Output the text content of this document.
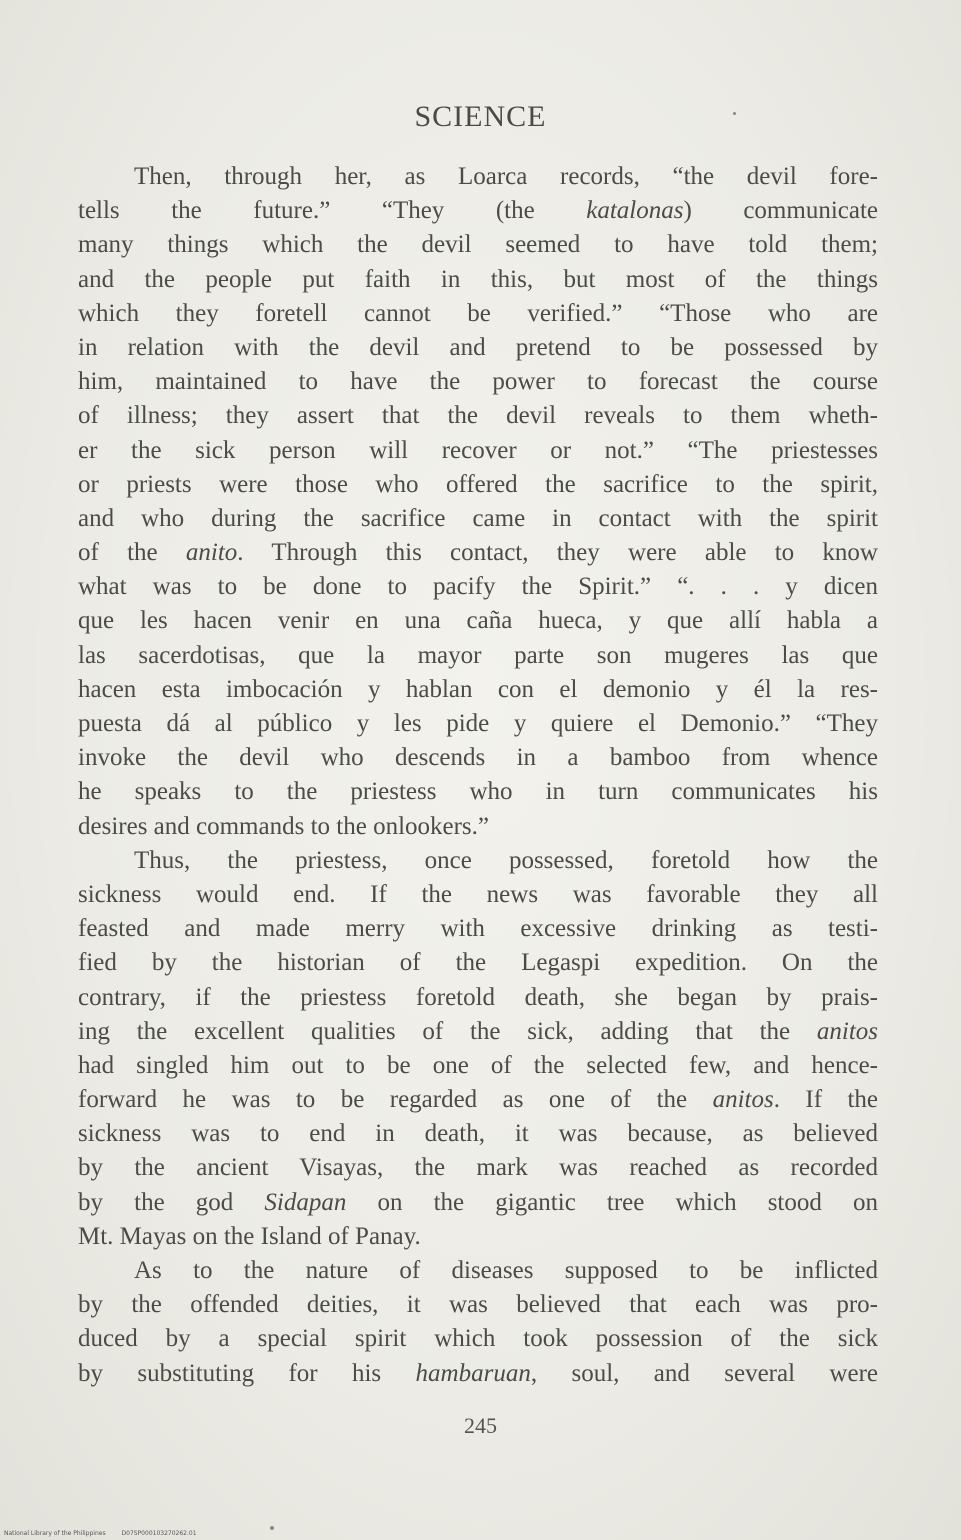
SCIENCE
Then, through her, as Loarca records, “the devil fore-
tells the future.” “They (the katalonas) communicate
many things which the devil seemed to have told them;
and the people put faith in this, but most of the things
which they foretell cannot be verified.” “Those who are
in relation with the devil and pretend to be possessed by
him, maintained to have the power to forecast the course
of illness; they assert that the devil reveals to them wheth-
er the sick person will recover or not.” “The priestesses
or priests were those who offered the sacrifice to the spirit,
and who during the sacrifice came in contact with the spirit
of the anito. Through this contact, they were able to know
what was to be done to pacify the Spirit.” “. . . y dicen
que les hacen venir en una caña hueca, y que allí habla a
las sacerdotisas, que la mayor parte son mugeres las que
hacen esta imbocación y hablan con el demonio y él la res-
puesta dá al público y les pide y quiere el Demonio.” “They
invoke the devil who descends in a bamboo from whence
he speaks to the priestess who in turn communicates his
desires and commands to the onlookers.”
Thus, the priestess, once possessed, foretold how the
sickness would end. If the news was favorable they all
feasted and made merry with excessive drinking as testi-
fied by the historian of the Legaspi expedition. On the
contrary, if the priestess foretold death, she began by prais-
ing the excellent qualities of the sick, adding that the anitos
had singled him out to be one of the selected few, and hence-
forward he was to be regarded as one of the anitos. If the
sickness was to end in death, it was because, as believed
by the ancient Visayas, the mark was reached as recorded
by the god Sidapan on the gigantic tree which stood on
Mt. Mayas on the Island of Panay.
As to the nature of diseases supposed to be inflicted
by the offended deities, it was believed that each was pro-
duced by a special spirit which took possession of the sick
by substituting for his hambaruan, soul, and several were
245
National Library of the Philippines	D07SP000103270262.01
